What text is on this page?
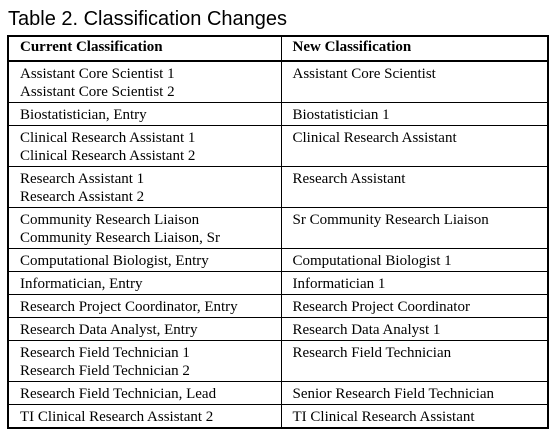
Table 2. Classification Changes
Current Classification	New Classification

Assistant Core Scientist 1
Assistant Core Scientist 2	Assistant Core Scientist

Biostatistician, Entry	Biostatistician 1

Clinical Research Assistant 1
Clinical Research Assistant 2	Clinical Research Assistant

Research Assistant 1
Research Assistant 2	Research Assistant

Community Research Liaison
Community Research Liaison, Sr	Sr Community Research Liaison

Computational Biologist, Entry	Computational Biologist 1

Informatician, Entry	Informatician 1

Research Project Coordinator, Entry	Research Project Coordinator

Research Data Analyst, Entry	Research Data Analyst 1

Research Field Technician 1
Research Field Technician 2	Research Field Technician

Research Field Technician, Lead	Senior Research Field Technician

TI Clinical Research Assistant 2	TI Clinical Research Assistant
